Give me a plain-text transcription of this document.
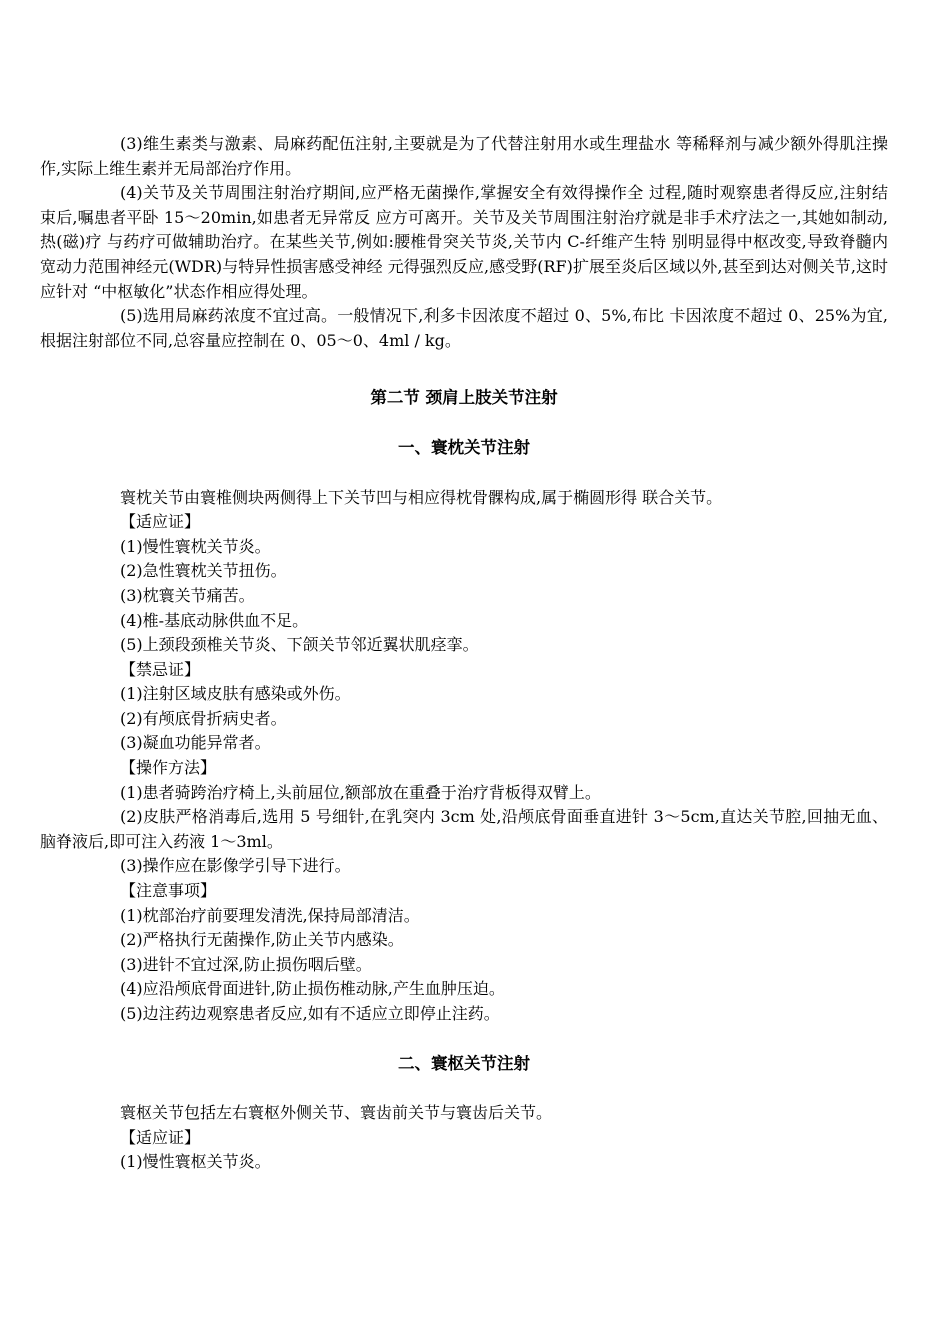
(3)维生素类与激素、局麻药配伍注射,主要就是为了代替注射用水或生理盐水 等稀释剂与减少额外得肌注操作,实际上维生素并无局部治疗作用。

(4)关节及关节周围注射治疗期间,应严格无菌操作,掌握安全有效得操作全 过程,随时观察患者得反应,注射结束后,嘱患者平卧 15～20min,如患者无异常反 应方可离开。关节及关节周围注射治疗就是非手术疗法之一,其她如制动,热(磁)疗 与药疗可做辅助治疗。在某些关节,例如:腰椎骨突关节炎,关节内 C-纤维产生特 别明显得中枢改变,导致脊髓内宽动力范围神经元(WDR)与特异性损害感受神经 元得强烈反应,感受野(RF)扩展至炎后区域以外,甚至到达对侧关节,这时应针对 “中枢敏化”状态作相应得处理。

(5)选用局麻药浓度不宜过高。一般情况下,利多卡因浓度不超过 0、5%,布比 卡因浓度不超过 0、25%为宜,根据注射部位不同,总容量应控制在 0、05～0、4ml / kg。

第二节 颈肩上肢关节注射
一、寰枕关节注射

寰枕关节由寰椎侧块两侧得上下关节凹与相应得枕骨髁构成,属于椭圆形得 联合关节。

【适应证】

(1)慢性寰枕关节炎。

(2)急性寰枕关节扭伤。

(3)枕寰关节痛苦。

(4)椎-基底动脉供血不足。

(5)上颈段颈椎关节炎、下颌关节邻近翼状肌痉挛。

【禁忌证】

(1)注射区域皮肤有感染或外伤。

(2)有颅底骨折病史者。

(3)凝血功能异常者。

【操作方法】

(1)患者骑跨治疗椅上,头前屈位,额部放在重叠于治疗背板得双臂上。

(2)皮肤严格消毒后,选用 5 号细针,在乳突内 3cm 处,沿颅底骨面垂直进针 3～5cm,直达关节腔,回抽无血、脑脊液后,即可注入药液 1～3ml。

(3)操作应在影像学引导下进行。

【注意事项】

(1)枕部治疗前要理发清洗,保持局部清洁。

(2)严格执行无菌操作,防止关节内感染。

(3)进针不宜过深,防止损伤咽后壁。

(4)应沿颅底骨面进针,防止损伤椎动脉,产生血肿压迫。

(5)边注药边观察患者反应,如有不适应立即停止注药。

二、寰枢关节注射

寰枢关节包括左右寰枢外侧关节、寰齿前关节与寰齿后关节。

【适应证】

(1)慢性寰枢关节炎。
